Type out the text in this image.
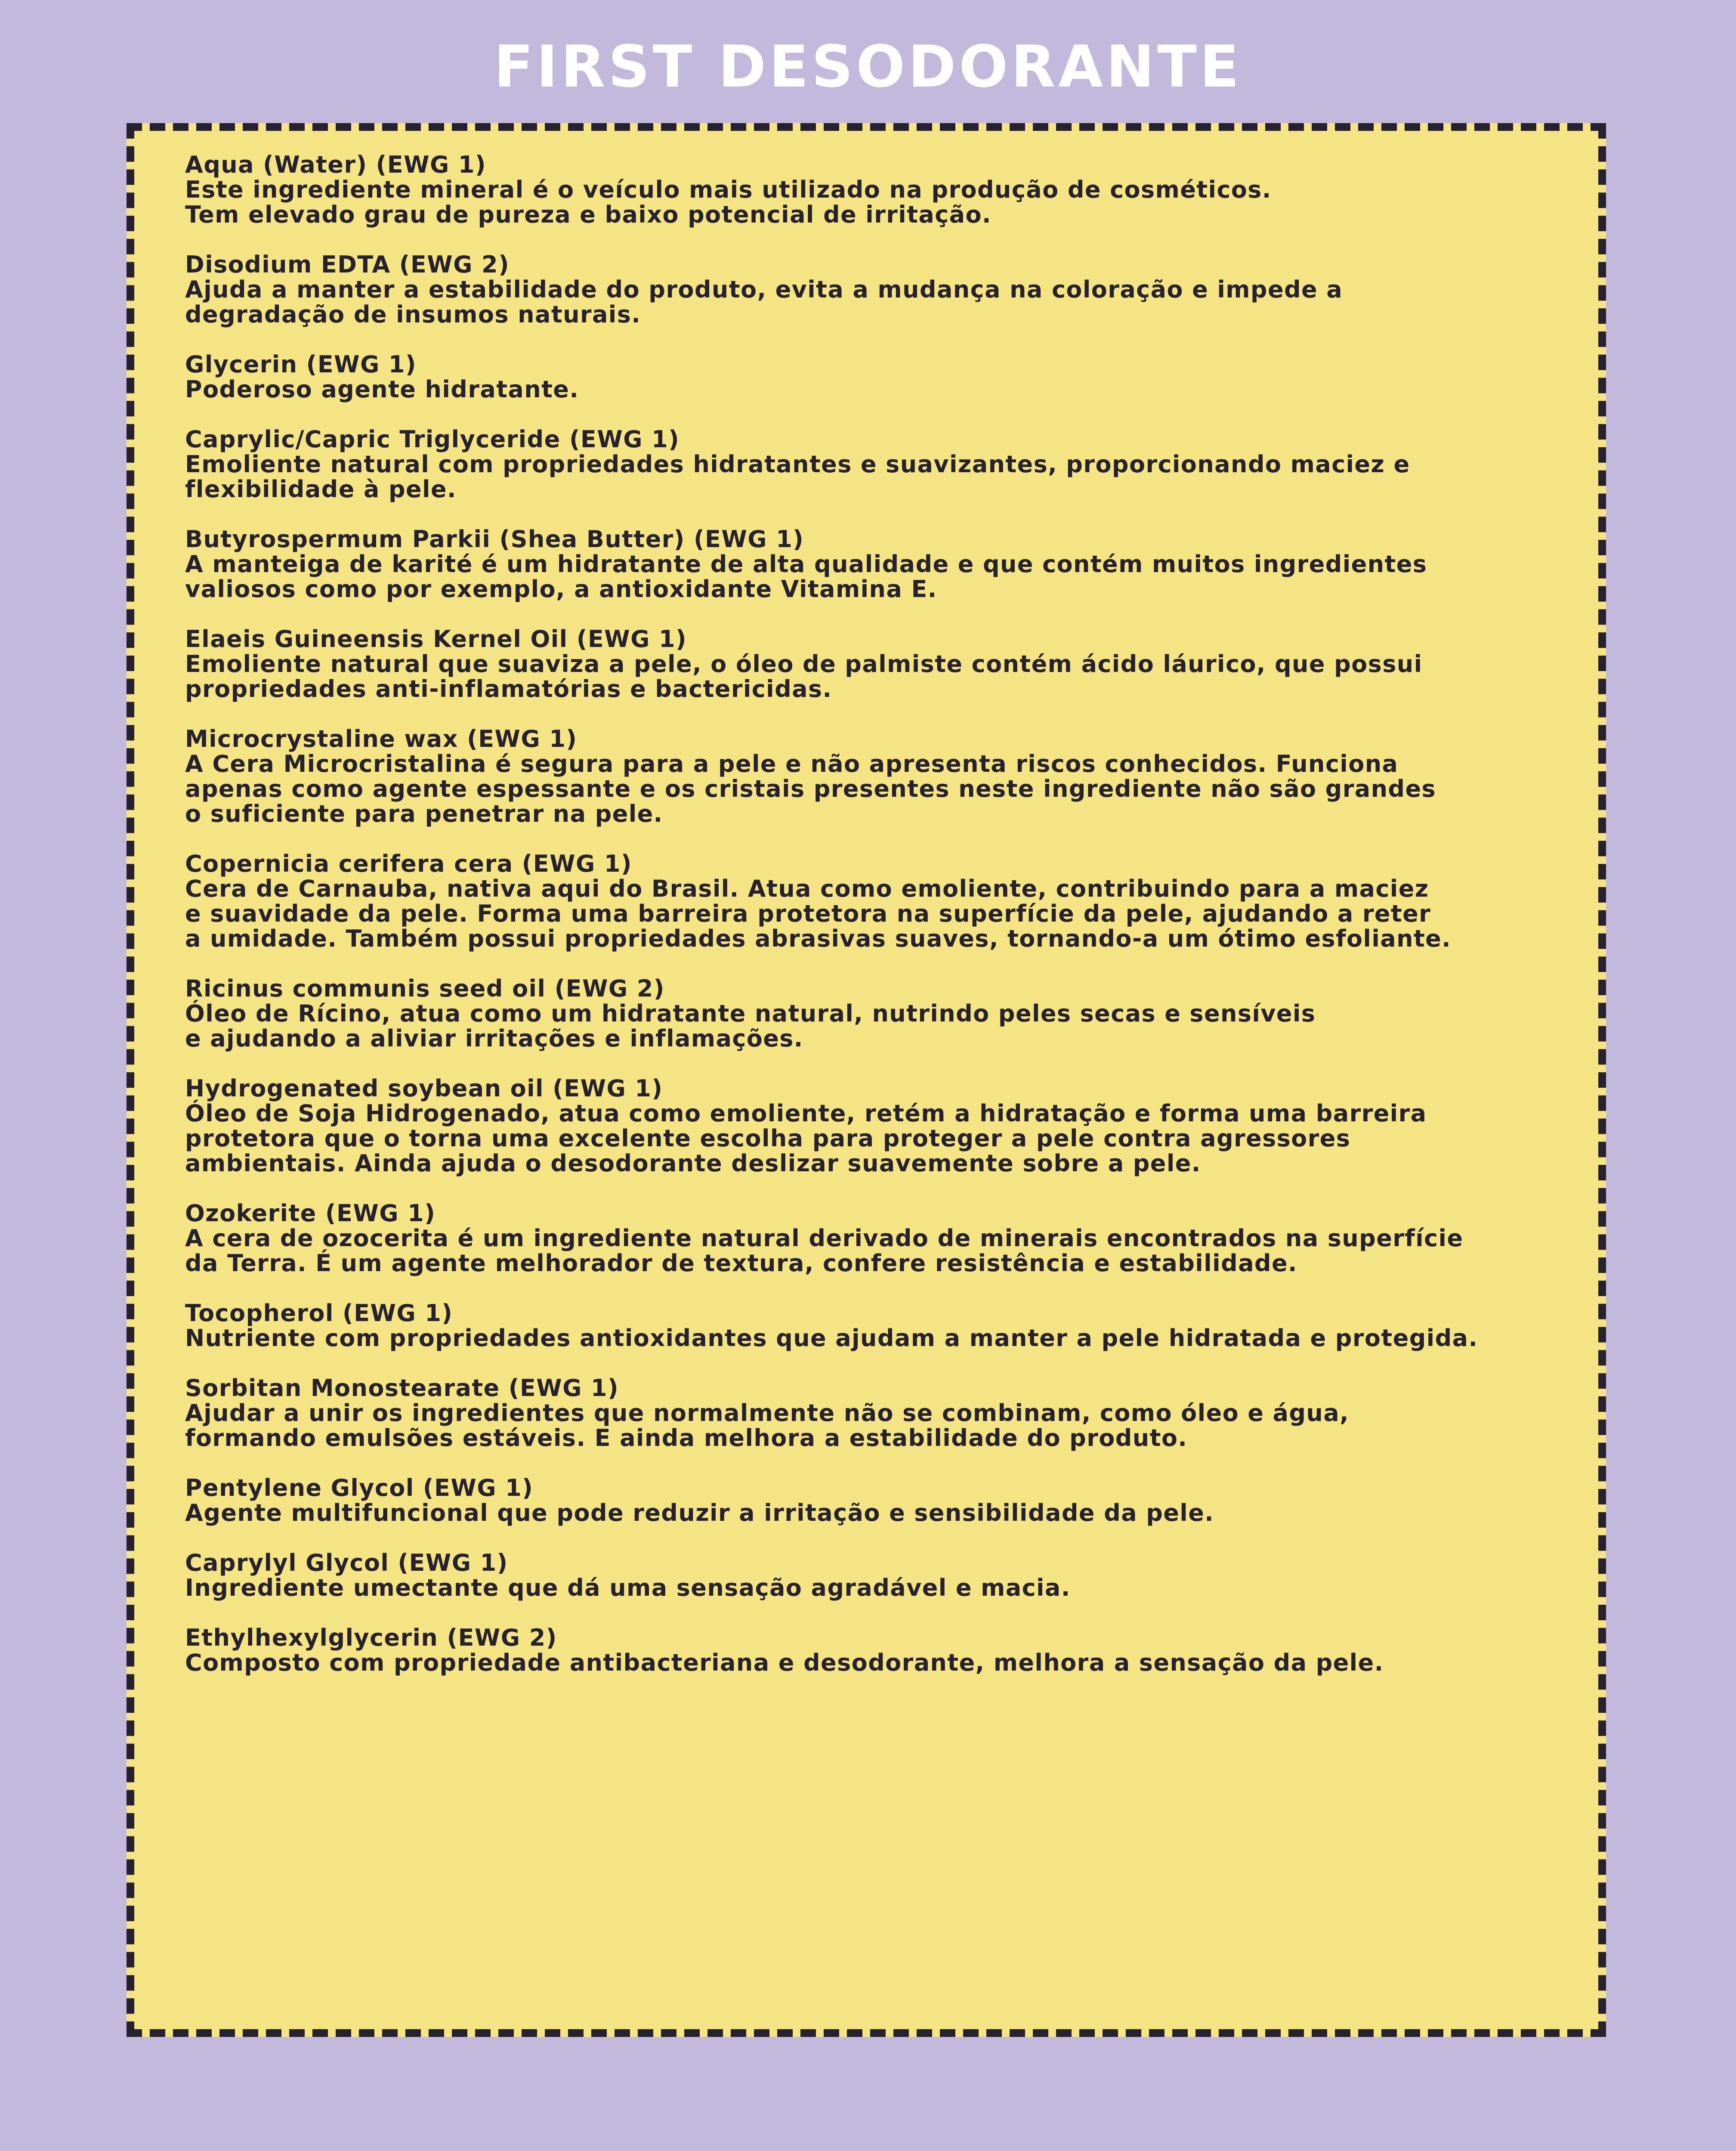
FIRST DESODORANTE
Aqua (Water) (EWG 1)
Este ingrediente mineral é o veículo mais utilizado na produção de cosméticos.
Tem elevado grau de pureza e baixo potencial de irritação.
Disodium EDTA (EWG 2)
Ajuda a manter a estabilidade do produto, evita a mudança na coloração e impede a
degradação de insumos naturais.
Glycerin (EWG 1)
Poderoso agente hidratante.
Caprylic/Capric Triglyceride (EWG 1)
Emoliente natural com propriedades hidratantes e suavizantes, proporcionando maciez e
flexibilidade à pele.
Butyrospermum Parkii (Shea Butter) (EWG 1)
A manteiga de karité é um hidratante de alta qualidade e que contém muitos ingredientes
valiosos como por exemplo, a antioxidante Vitamina E.
Elaeis Guineensis Kernel Oil (EWG 1)
Emoliente natural que suaviza a pele, o óleo de palmiste contém ácido láurico, que possui
propriedades anti-inflamatórias e bactericidas.
Microcrystaline wax (EWG 1)
A Cera Microcristalina é segura para a pele e não apresenta riscos conhecidos. Funciona
apenas como agente espessante e os cristais presentes neste ingrediente não são grandes
o suficiente para penetrar na pele.
Copernicia cerifera cera (EWG 1)
Cera de Carnauba, nativa aqui do Brasil. Atua como emoliente, contribuindo para a maciez
e suavidade da pele. Forma uma barreira protetora na superfície da pele, ajudando a reter
a umidade. Também possui propriedades abrasivas suaves, tornando-a um ótimo esfoliante.
Ricinus communis seed oil (EWG 2)
Óleo de Rícino, atua como um hidratante natural, nutrindo peles secas e sensíveis
e ajudando a aliviar irritações e inflamações.
Hydrogenated soybean oil (EWG 1)
Óleo de Soja Hidrogenado, atua como emoliente, retém a hidratação e forma uma barreira
protetora que o torna uma excelente escolha para proteger a pele contra agressores
ambientais. Ainda ajuda o desodorante deslizar suavemente sobre a pele.
Ozokerite (EWG 1)
A cera de ozocerita é um ingrediente natural derivado de minerais encontrados na superfície
da Terra. É um agente melhorador de textura, confere resistência e estabilidade.
Tocopherol (EWG 1)
Nutriente com propriedades antioxidantes que ajudam a manter a pele hidratada e protegida.
Sorbitan Monostearate (EWG 1)
Ajudar a unir os ingredientes que normalmente não se combinam, como óleo e água,
formando emulsões estáveis. E ainda melhora a estabilidade do produto.
Pentylene Glycol (EWG 1)
Agente multifuncional que pode reduzir a irritação e sensibilidade da pele.
Caprylyl Glycol (EWG 1)
Ingrediente umectante que dá uma sensação agradável e macia.
Ethylhexylglycerin (EWG 2)
Composto com propriedade antibacteriana e desodorante, melhora a sensação da pele.
